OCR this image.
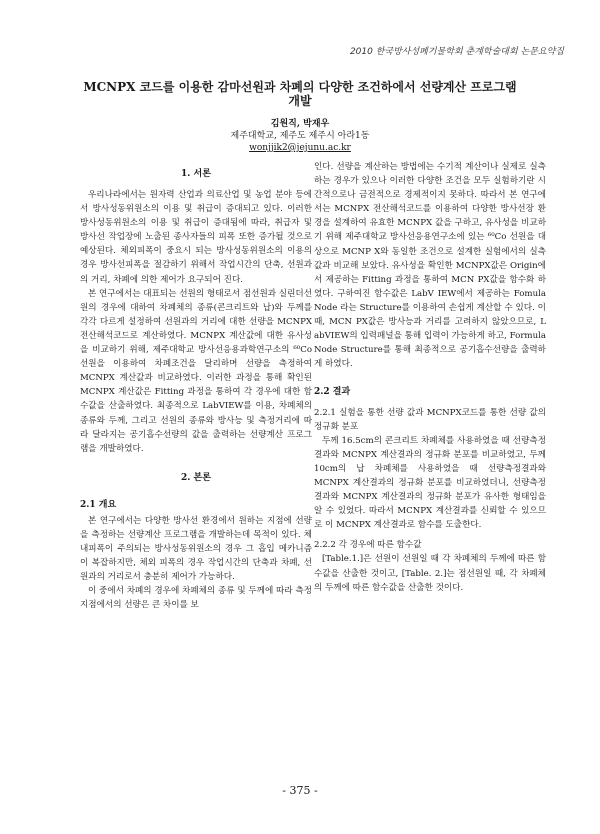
2010 한국방사성폐기물학회 춘계학술대회 논문요약집
MCNPX 코드를 이용한 감마선원과 차폐의 다양한 조건하에서 선량계산 프로그램 개발
김원직, 박재우
제주대학교, 제주도 제주시 아라1동
wonjjik2@jejunu.ac.kr
1. 서론

우리나라에서는 원자력 산업과 의료산업 및 농업 분야 등에서 방사성동위원소의 이용 및 취급이 증대되고 있다. 이러한 방사성동위원소의 이용 및 취급이 증대됨에 따라, 취급자 및 방사선 작업장에 노출된 종사자들의 피폭 또한 증가될 것으로 예상된다. 체외피폭이 중요시 되는 방사성동위원소의 이용의 경우 방사선피폭을 절감하기 위해서 작업시간의 단축, 선원과의 거리, 차폐에 의한 제어가 요구되어 진다.

본 연구에서는 대표되는 선원의 형태로서 점선원과 실린더선원의 경우에 대하여 차폐체의 종류(콘크리트와 납)와 두께를 각각 다르게 설정하여 선원과의 거리에 대한 선량을 MCNPX 전산해석코드로 계산하였다. MCNPX 계산값에 대한 유사성을 비교하기 위해, 제주대학교 방사선응용과학연구소의 ⁶⁰Co 선원을 이용하여 차폐조건을 달리하며 선량을 측정하여 MCNPX 계산값과 비교하였다. 이러한 과정을 통해 확인된 MCNPX 계산값은 Fitting 과정을 통하여 각 경우에 대한 함수값을 산출하였다. 최종적으로 LabVIEW를 이용, 차폐체의 종류와 두께, 그리고 선원의 종류와 방사능 및 측정거리에 따라 달라지는 공기흡수선량의 값을 출력하는 선량계산 프로그램을 개발하였다.

2. 본론
2.1 개요

본 연구에서는 다양한 방사선 환경에서 원하는 지점에 선량을 측정하는 선량계산 프로그램을 개발하는데 목적이 있다. 체내피폭이 주의되는 방사성동위원소의 경우 그 흡입 메카니즘이 복잡하지만, 체외 피폭의 경우 작업시간의 단축과 차폐, 선원과의 거리로서 충분히 제어가 가능하다.

이 중에서 차폐의 경우에 차폐체의 종류 및 두께에 따라 측정지점에서의 선량은 큰 차이를 보

인다. 선량을 계산하는 방법에는 수기적 계산이나 실제로 실측하는 경우가 있으나 이러한 다양한 조건을 모두 실험하기란 시간적으로나 금전적으로 경제적이지 못하다. 따라서 본 연구에서는 MCNPX 전산해석코드를 이용하여 다양한 방사선장 환경을 설계하여 유효한 MCNPX 값을 구하고, 유사성을 비교하기 위해 제주대학교 방사선응용연구소에 있는 ⁶⁰Co 선원을 대상으로 MCNP X와 동일한 조건으로 설계한 실험에서의 실측값과 비교해 보았다. 유사성을 확인한 MCNPX값은 Origin에서 제공하는 Fitting 과정을 통하여 MCN PX값을 함수화 하였다. 구하여진 함수값은 LabV IEW에서 제공하는 Fomula Node 라는 Structure를 이용하여 손쉽게 계산할 수 있다. 이 때, MCN PX값은 방사능과 거리를 고려하지 않았으므로, L abVIEW의 입력패널을 통해 입력이 가능하게 하고, Formula Node Structure를 통해 최종적으로 공기흡수선량을 출력하게 하였다.

2.2 결과
2.2.1 실험을 통한 선량 값과 MCNPX코드를 통한 선량 값의 정규화 분포

두께 16.5cm의 콘크리트 차폐체를 사용하였을 때 선량측정결과와 MCNPX 계산결과의 정규화 분포를 비교하였고, 두께 10cm의 납 차폐체를 사용하였을 때 선량측정결과와 MCNPX 계산결과의 정규화 분포를 비교하였더니, 선량측정결과와 MCNPX 계산결과의 정규화 분포가 유사한 형태임을 알 수 있었다. 따라서 MCNPX 계산결과를 신뢰할 수 있으므로 이 MCNPX 계산결과로 함수를 도출한다.

2.2.2 각 경우에 따른 함수값

[Table.1.]은 선원이 선원일 때 각 차폐체의 두께에 따른 함수값을 산출한 것이고, [Table. 2.]는 점선원일 때, 각 차폐체의 두께에 따른 함수값을 산출한 것이다.

- 375 -
